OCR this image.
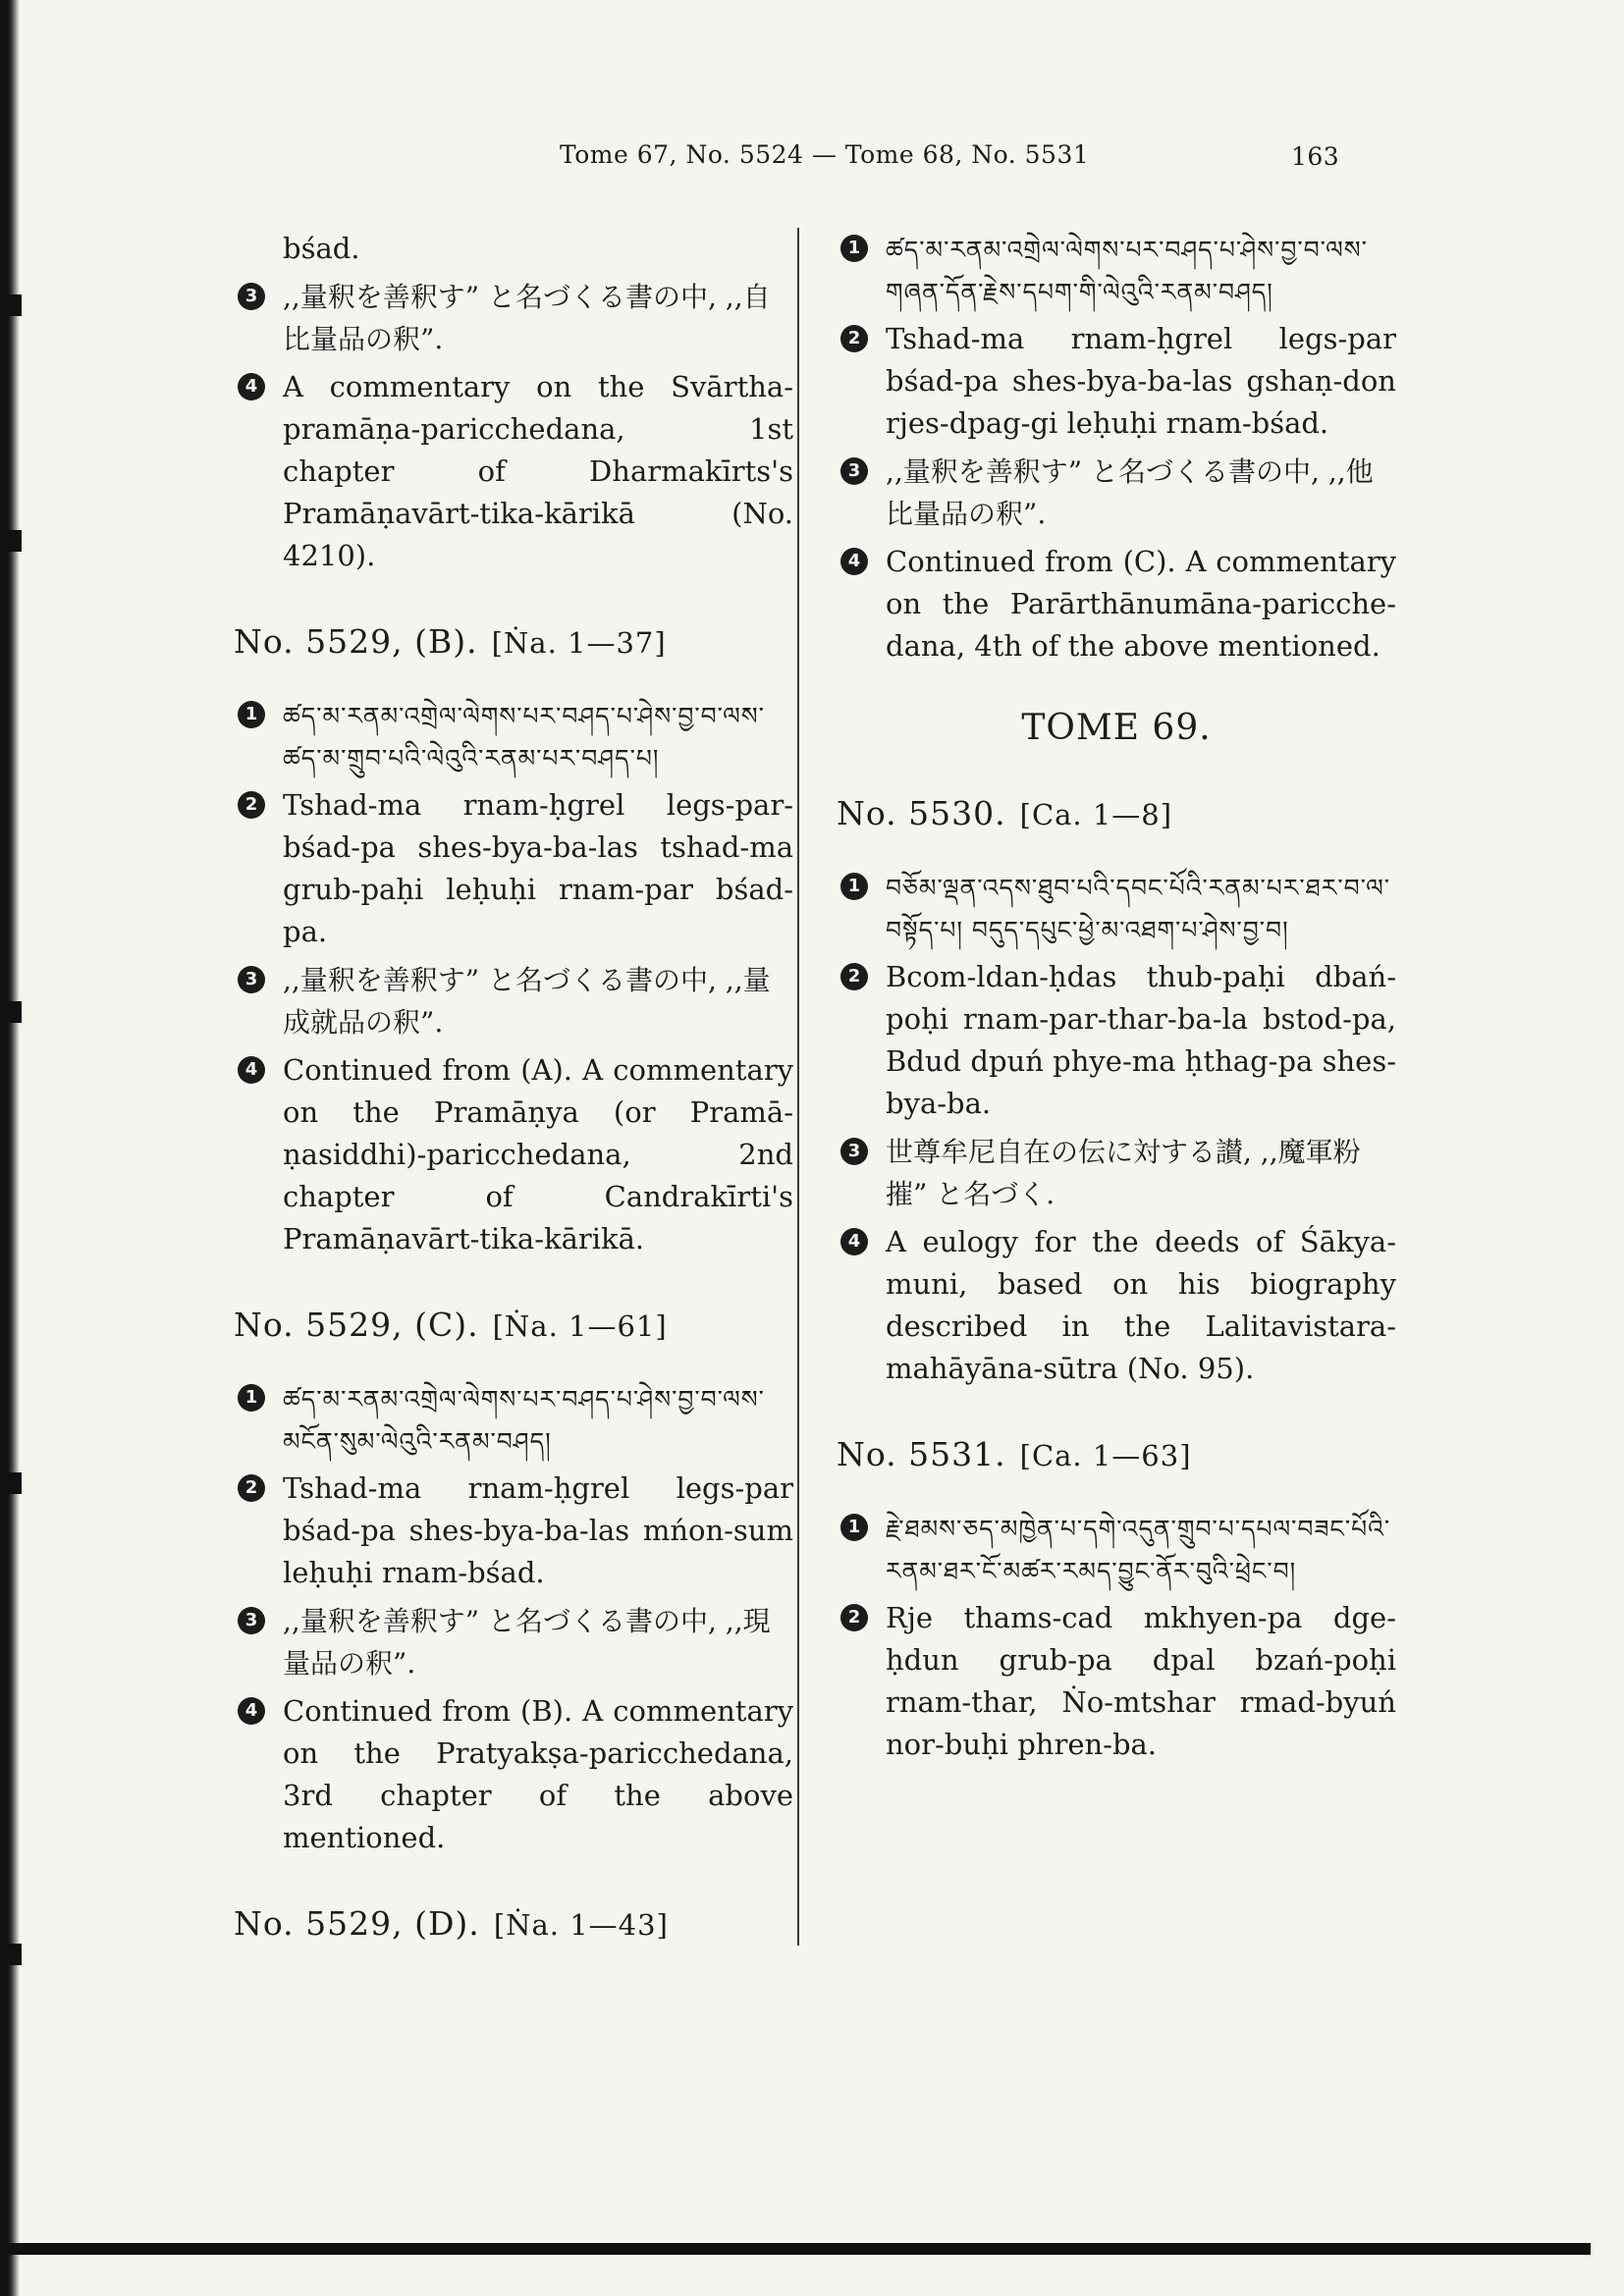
Tome 67, No. 5524 — Tome 68, No. 5531	163
bśad.
3 ,,量釈を善釈す” と名づくる書の中, ,,自比量品の釈”.
4 A commentary on the Svārtha-pramāṇa-paricchedana, 1st chapter of Dharmakīrts's Pramāṇavārt-tika-kārikā (No. 4210).
No. 5529, (B). [Ṅa. 1—37]
1	ཚད་མ་རནམ་འགྲེལ་ལེགས་པར་བཤད་པ་ཤེས་བྱ་བ་ལས་ཚད་མ་གྲུབ་པའི་ལེའུའི་རནམ་པར་བཤད་པ།
2 Tshad-ma rnam-ḥgrel legs-par-bśad-pa shes-bya-ba-las tshad-ma grub-paḥi leḥuḥi rnam-par bśad-pa.
3 ,,量釈を善釈す” と名づくる書の中, ,,量成就品の釈”.
4 Continued from (A). A commentary on the Pramāṇya (or Pramā-ṇasiddhi)-paricchedana, 2nd chapter of Candrakīrti's Pramāṇavārt-tika-kārikā.
No. 5529, (C). [Ṅa. 1—61]
1	ཚད་མ་རནམ་འགྲེལ་ལེགས་པར་བཤད་པ་ཤེས་བྱ་བ་ལས་མངོན་སུམ་ལེའུའི་རནམ་བཤད།
2 Tshad-ma rnam-ḥgrel legs-par bśad-pa shes-bya-ba-las mńon-sum leḥuḥi rnam-bśad.
3 ,,量釈を善釈す” と名づくる書の中, ,,現量品の釈”.
4 Continued from (B). A commentary on the Pratyakṣa-paricchedana, 3rd chapter of the above mentioned.
No. 5529, (D). [Ṅa. 1—43]
1	ཚད་མ་རནམ་འགྲེལ་ལེགས་པར་བཤད་པ་ཤེས་བྱ་བ་ལས་གཞན་དོན་རྗེས་དཔག་གི་ལེའུའི་རནམ་བཤད།
2 Tshad-ma rnam-ḥgrel legs-par bśad-pa shes-bya-ba-las gshaṇ-don rjes-dpag-gi leḥuḥi rnam-bśad.
3 ,,量釈を善釈す” と名づくる書の中, ,,他比量品の釈”.
4 Continued from (C). A commentary on the Parārthānumāna-paricche-dana, 4th of the above mentioned.
TOME 69.
No. 5530. [Ca. 1—8]
1	བཅོམ་ལྡན་འདས་ཐུབ་པའི་དབང་པོའི་རནམ་པར་ཐར་བ་ལ་བསྟོད་པ། བདུད་དཔུང་ཕྱེ་མ་འཐག་པ་ཤེས་བྱ་བ།
2 Bcom-ldan-ḥdas thub-paḥi dbań-poḥi rnam-par-thar-ba-la bstod-pa, Bdud dpuń phye-ma ḥthag-pa shes-bya-ba.
3 世尊牟尼自在の伝に対する讃, ,,魔軍粉摧” と名づく.
4 A eulogy for the deeds of Śākya-muni, based on his biography described in the Lalitavistara-mahāyāna-sūtra (No. 95).
No. 5531. [Ca. 1—63]
1	རྗེ་ཐམས་ཅད་མཁྱེན་པ་དགེ་འདུན་གྲུབ་པ་དཔལ་བཟང་པོའི་རནམ་ཐར་ངོ་མཚར་རམད་བྱུང་ནོར་བུའི་ཕྲེང་བ།
2 Rje thams-cad mkhyen-pa dge-ḥdun grub-pa dpal bzań-poḥi rnam-thar, Ṅo-mtshar rmad-byuń nor-buḥi phren-ba.
